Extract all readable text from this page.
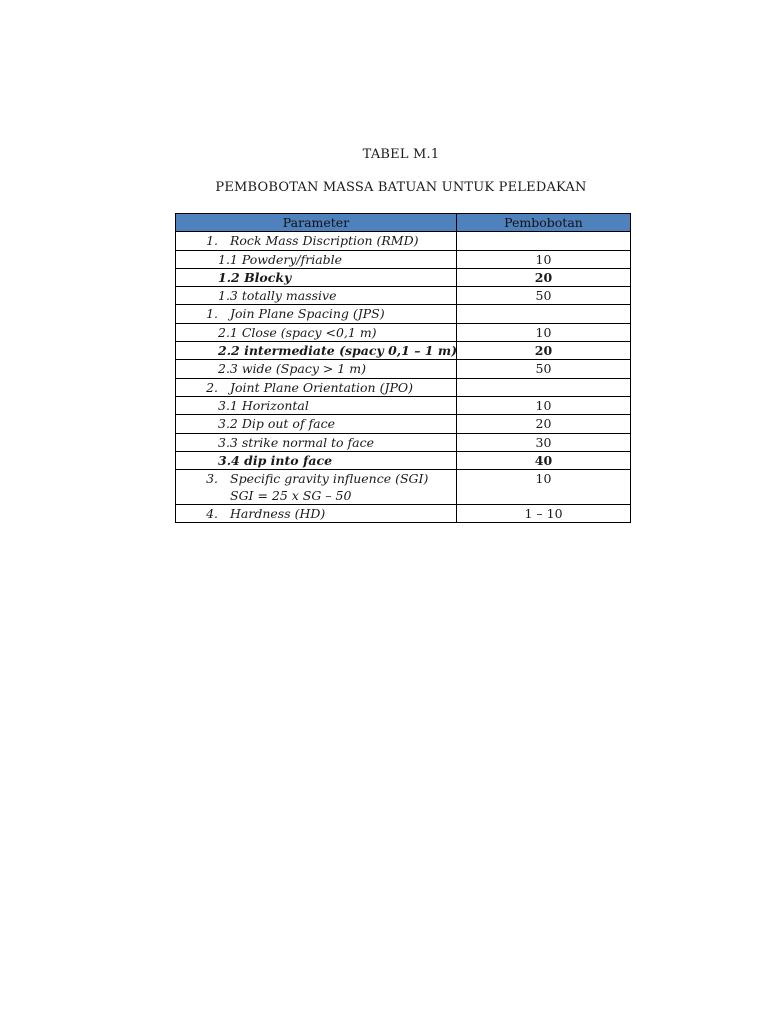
TABEL M.1
PEMBOBOTAN MASSA BATUAN UNTUK PELEDAKAN
Parameter	Pembobotan
1. Rock Mass Discription (RMD)	
1.1 Powdery/friable	10
1.2 Blocky	20
1.3 totally massive	50
1. Join Plane Spacing (JPS)	
2.1 Close (spacy <0,1 m)	10
2.2 intermediate (spacy 0,1 – 1 m)	20
2.3 wide (Spacy > 1 m)	50
2. Joint Plane Orientation (JPO)	
3.1 Horizontal	10
3.2 Dip out of face	20
3.3 strike normal to face	30
3.4 dip into face	40
3. Specific gravity influence (SGI)
SGI = 25 x SG – 50	10
4. Hardness (HD)	1 – 10
